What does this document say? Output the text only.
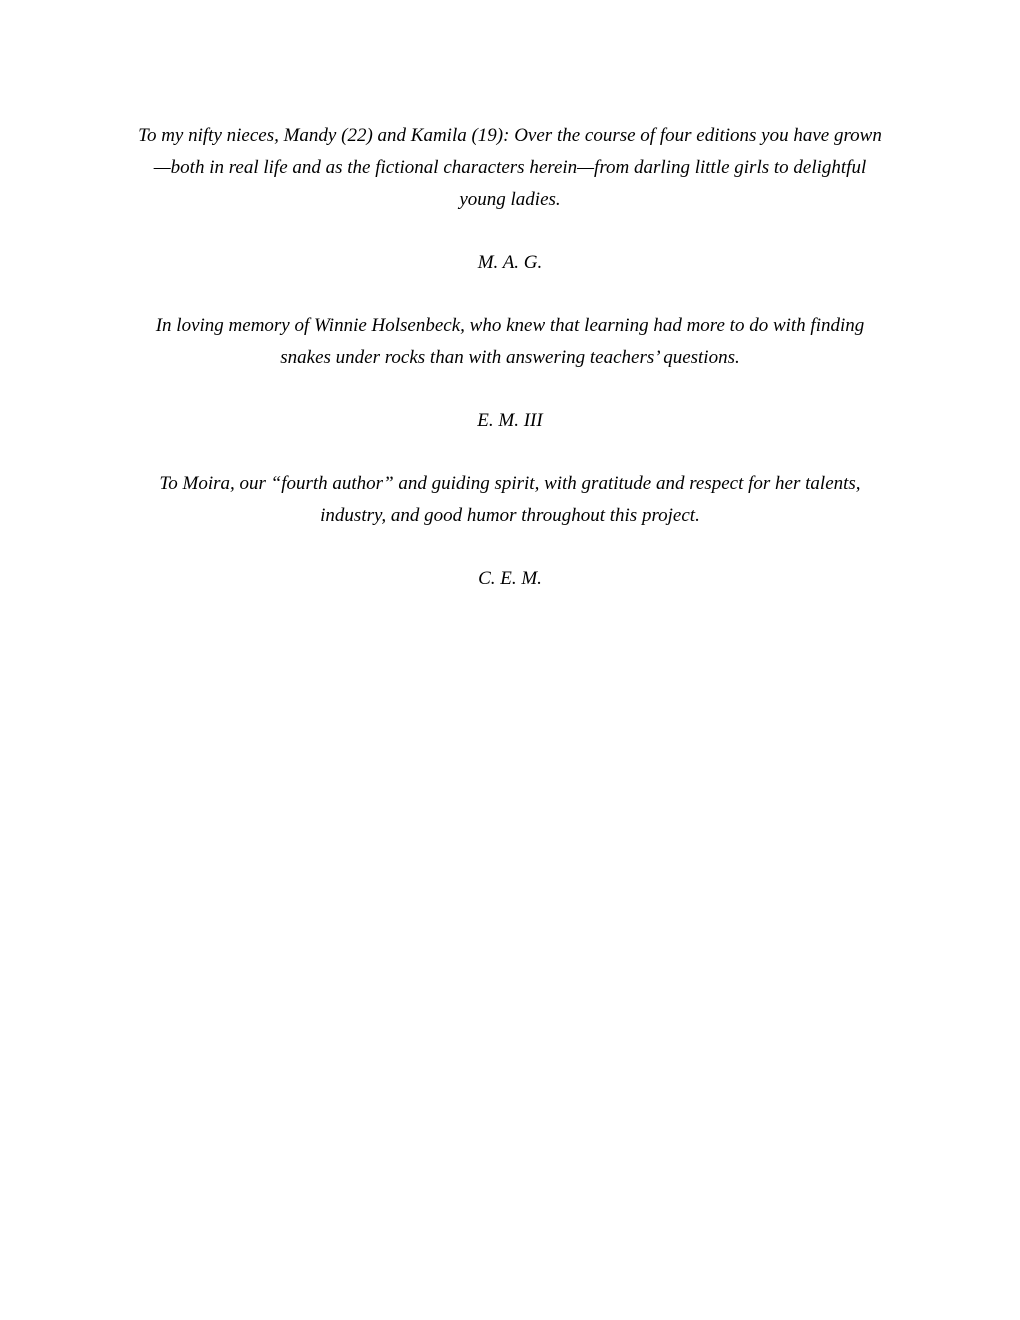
To my nifty nieces, Mandy (22) and Kamila (19): Over the course of four editions you have grown—both in real life and as the fictional characters herein—from darling little girls to delightful young ladies.

M. A. G.

In loving memory of Winnie Holsenbeck, who knew that learning had more to do with finding snakes under rocks than with answering teachers’ questions.

E. M. III

To Moira, our “fourth author” and guiding spirit, with gratitude and respect for her talents, industry, and good humor throughout this project.

C. E. M.
